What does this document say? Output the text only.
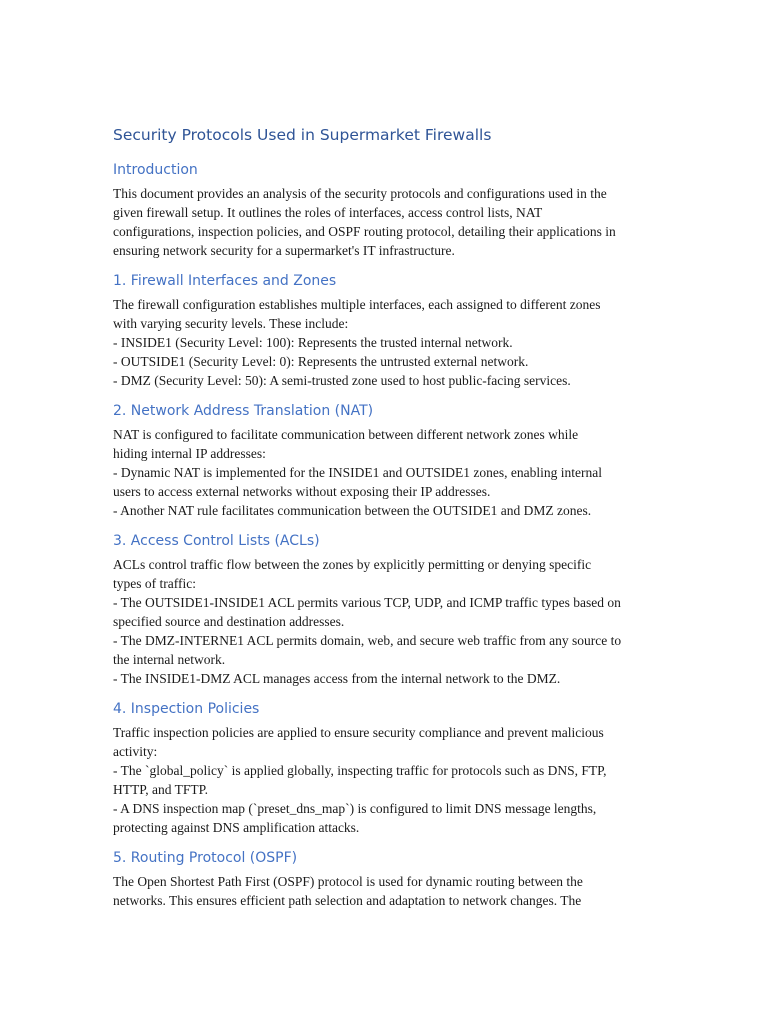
Security Protocols Used in Supermarket Firewalls
Introduction

This document provides an analysis of the security protocols and configurations used in the
given firewall setup. It outlines the roles of interfaces, access control lists, NAT
configurations, inspection policies, and OSPF routing protocol, detailing their applications in
ensuring network security for a supermarket's IT infrastructure.

1. Firewall Interfaces and Zones

The firewall configuration establishes multiple interfaces, each assigned to different zones
with varying security levels. These include:
- INSIDE1 (Security Level: 100): Represents the trusted internal network.
- OUTSIDE1 (Security Level: 0): Represents the untrusted external network.
- DMZ (Security Level: 50): A semi-trusted zone used to host public-facing services.

2. Network Address Translation (NAT)

NAT is configured to facilitate communication between different network zones while
hiding internal IP addresses:
- Dynamic NAT is implemented for the INSIDE1 and OUTSIDE1 zones, enabling internal
users to access external networks without exposing their IP addresses.
- Another NAT rule facilitates communication between the OUTSIDE1 and DMZ zones.

3. Access Control Lists (ACLs)

ACLs control traffic flow between the zones by explicitly permitting or denying specific
types of traffic:
- The OUTSIDE1-INSIDE1 ACL permits various TCP, UDP, and ICMP traffic types based on
specified source and destination addresses.
- The DMZ-INTERNE1 ACL permits domain, web, and secure web traffic from any source to
the internal network.
- The INSIDE1-DMZ ACL manages access from the internal network to the DMZ.

4. Inspection Policies

Traffic inspection policies are applied to ensure security compliance and prevent malicious
activity:
- The `global_policy` is applied globally, inspecting traffic for protocols such as DNS, FTP,
HTTP, and TFTP.
- A DNS inspection map (`preset_dns_map`) is configured to limit DNS message lengths,
protecting against DNS amplification attacks.

5. Routing Protocol (OSPF)

The Open Shortest Path First (OSPF) protocol is used for dynamic routing between the
networks. This ensures efficient path selection and adaptation to network changes. The
